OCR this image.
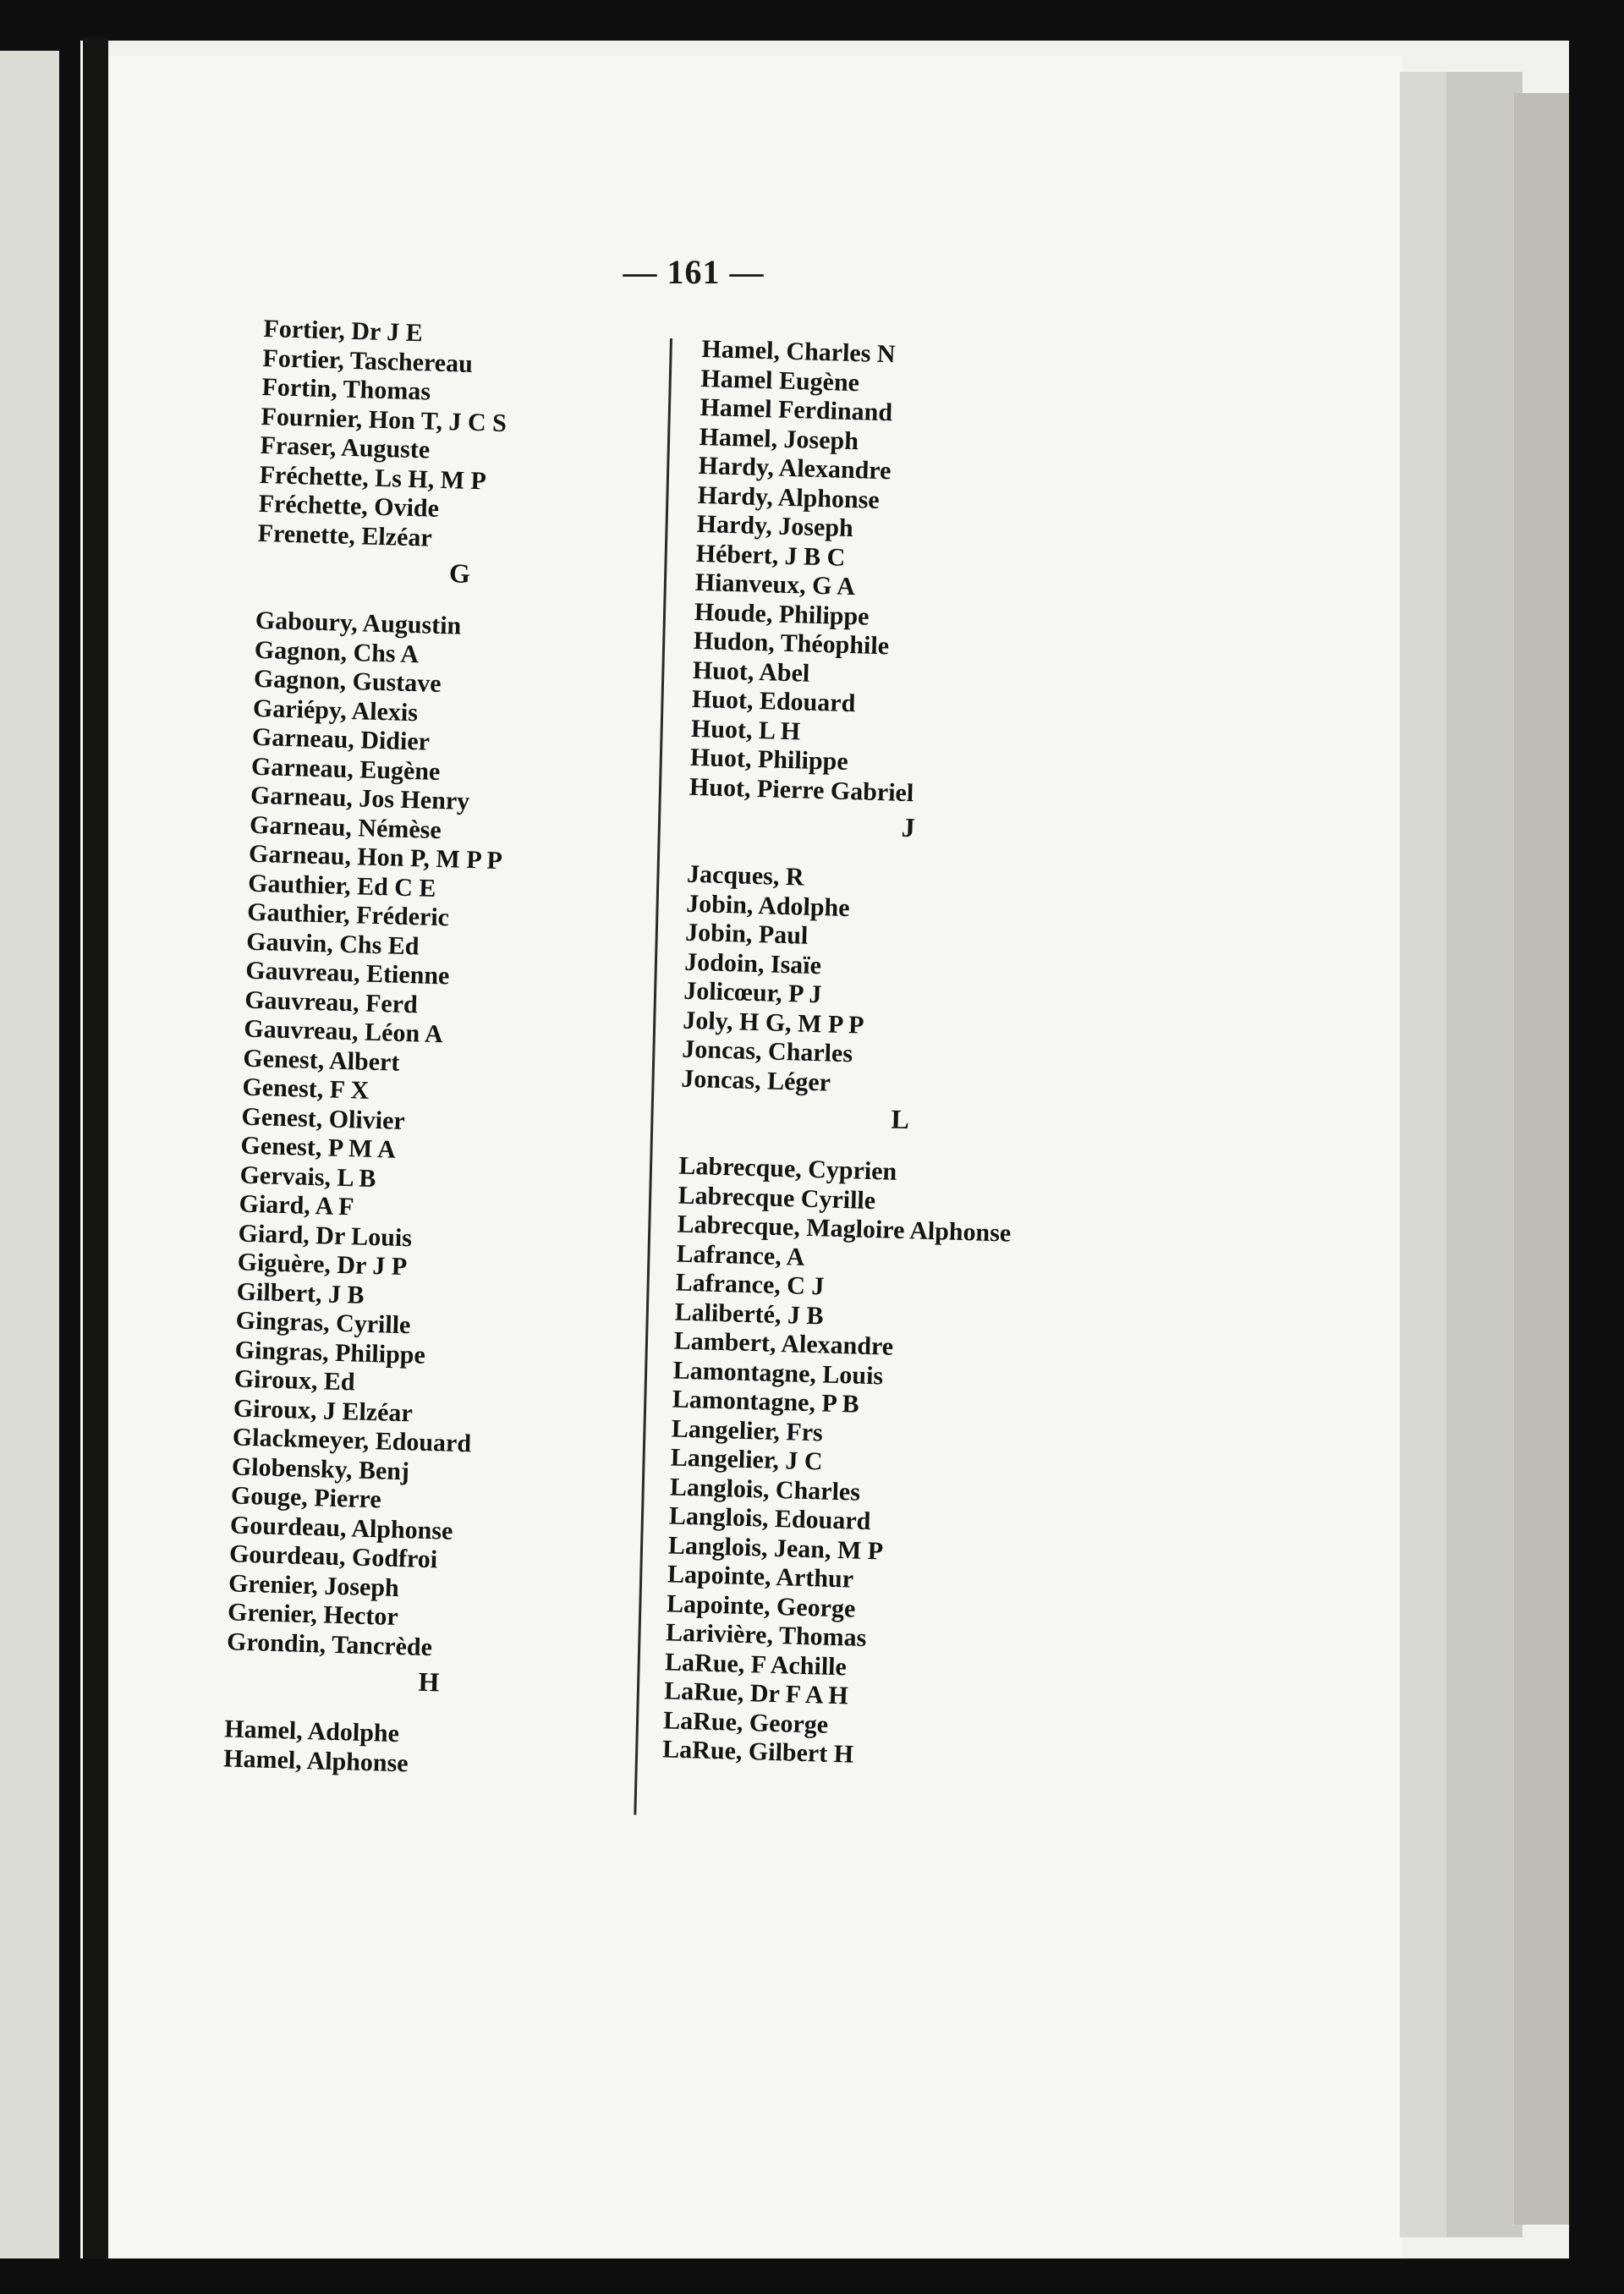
— 161 —
Fortier, Dr J E
Fortier, Taschereau
Fortin, Thomas
Fournier, Hon T, J C S
Fraser, Auguste
Fréchette, Ls H, M P
Fréchette, Ovide
Frenette, Elzéar
G
Gaboury, Augustin
Gagnon, Chs A
Gagnon, Gustave
Gariépy, Alexis
Garneau, Didier
Garneau, Eugène
Garneau, Jos Henry
Garneau, Némèse
Garneau, Hon P, M P P
Gauthier, Ed C E
Gauthier, Fréderic
Gauvin, Chs Ed
Gauvreau, Etienne
Gauvreau, Ferd
Gauvreau, Léon A
Genest, Albert
Genest, F X
Genest, Olivier
Genest, P M A
Gervais, L B
Giard, A F
Giard, Dr Louis
Giguère, Dr J P
Gilbert, J B
Gingras, Cyrille
Gingras, Philippe
Giroux, Ed
Giroux, J Elzéar
Glackmeyer, Edouard
Globensky, Benj
Gouge, Pierre
Gourdeau, Alphonse
Gourdeau, Godfroi
Grenier, Joseph
Grenier, Hector
Grondin, Tancrède
H
Hamel, Adolphe
Hamel, Alphonse
Hamel, Charles N
Hamel Eugène
Hamel Ferdinand
Hamel, Joseph
Hardy, Alexandre
Hardy, Alphonse
Hardy, Joseph
Hébert, J B C
Hianveux, G A
Houde, Philippe
Hudon, Théophile
Huot, Abel
Huot, Edouard
Huot, L H
Huot, Philippe
Huot, Pierre Gabriel
J
Jacques, R
Jobin, Adolphe
Jobin, Paul
Jodoin, Isaïe
Jolicœur, P J
Joly, H G, M P P
Joncas, Charles
Joncas, Léger
L
Labrecque, Cyprien
Labrecque Cyrille
Labrecque, Magloire Alphonse
Lafrance, A
Lafrance, C J
Laliberté, J B
Lambert, Alexandre
Lamontagne, Louis
Lamontagne, P B
Langelier, Frs
Langelier, J C
Langlois, Charles
Langlois, Edouard
Langlois, Jean, M P
Lapointe, Arthur
Lapointe, George
Larivière, Thomas
LaRue, F Achille
LaRue, Dr F A H
LaRue, George
LaRue, Gilbert H
